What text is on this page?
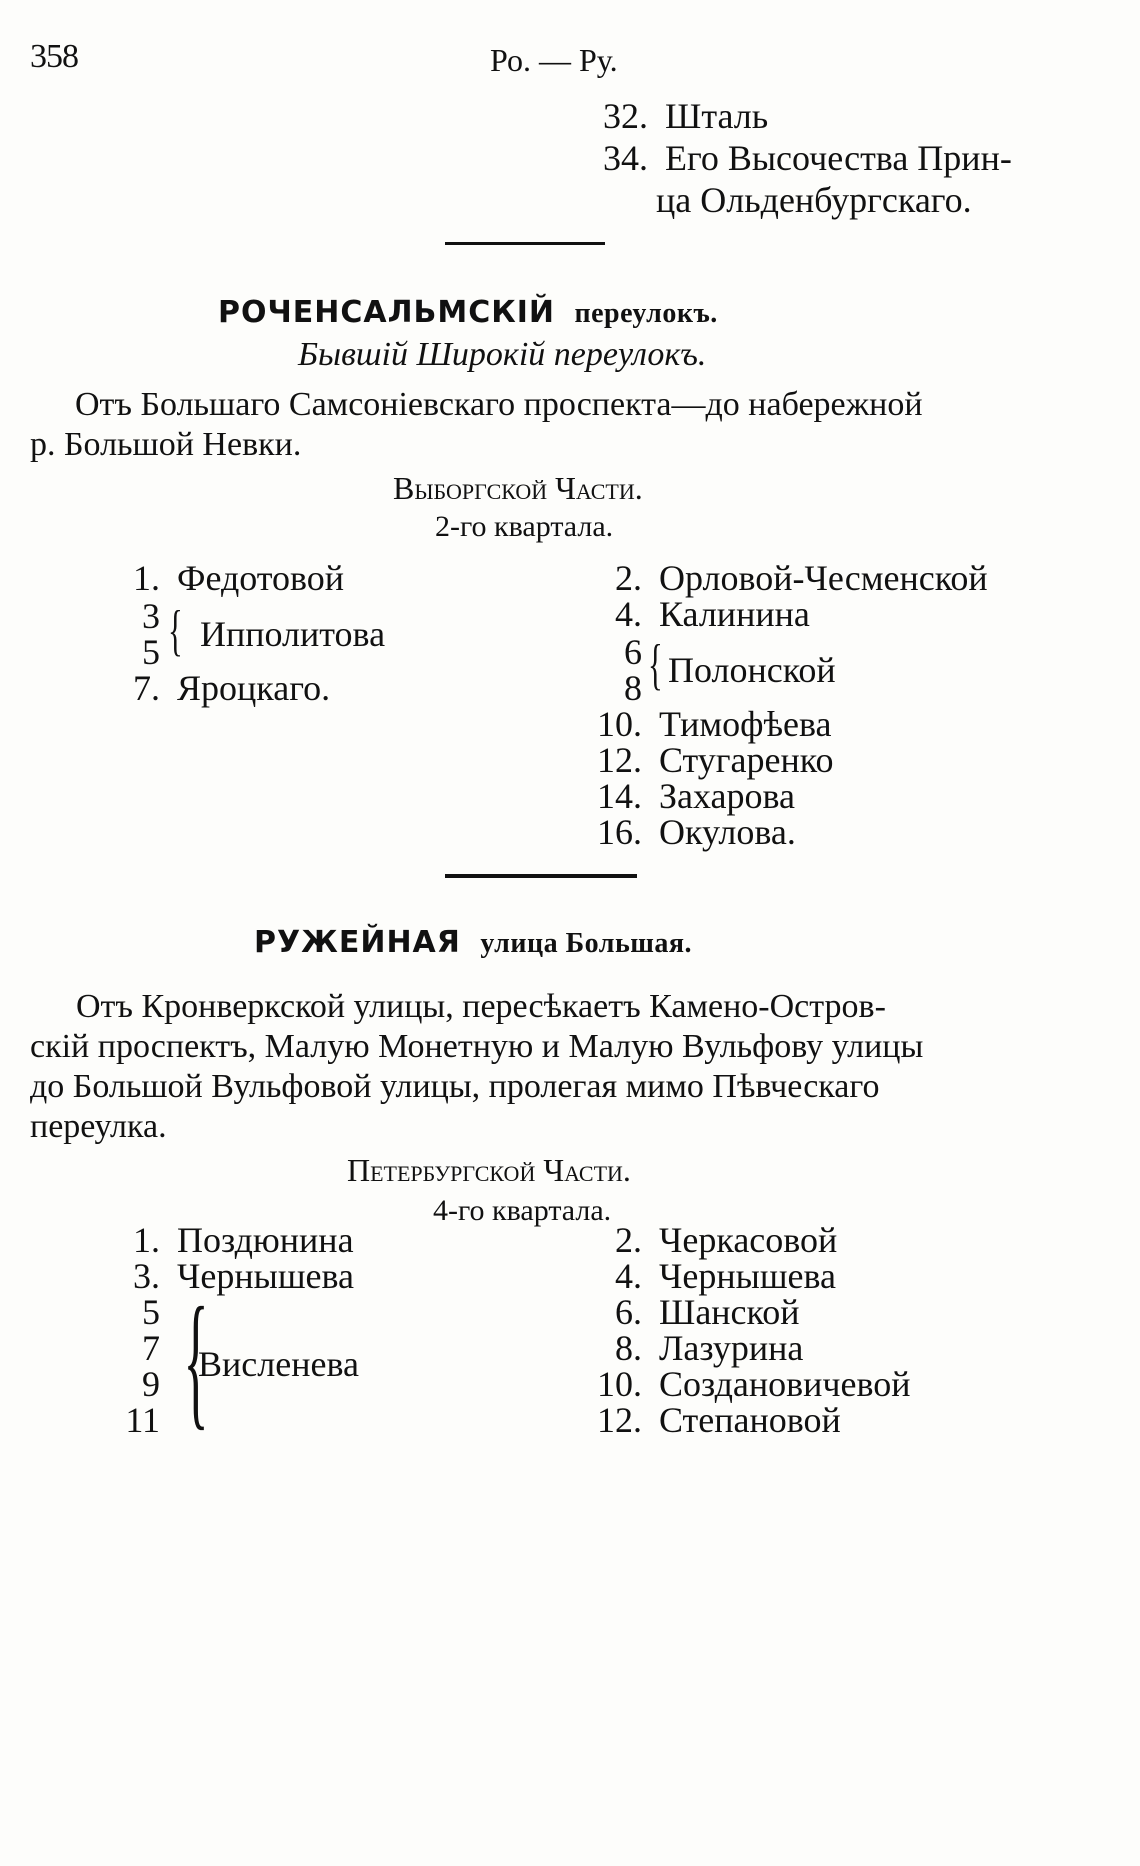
358	Ро. — Ру.
32. Шталь
34. Его Высочества Прин-
ца Ольденбургскаго.
РОЧЕНСАЛЬМСКІЙ переулокъ.
Бывшій Широкій переулокъ.
Отъ Большаго Самсоніевскаго проспекта—до набережной
р. Большой Невки.
Выборгской Части.
2-го квартала.
1. Федотовой
3
5 { Ипполитова
7. Яроцкаго.
2. Орловой-Чесменской
4. Калинина
6
8 { Полонской
10. Тимофѣева
12. Стугаренко
14. Захарова
16. Окулова.
РУЖЕЙНАЯ улица Большая.
Отъ Кронверкской улицы, пересѣкаетъ Камено-Остров-
скій проспектъ, Малую Монетную и Малую Вульфову улицы
до Большой Вульфовой улицы, пролегая мимо Пѣвческаго
переулка.
Петербургской Части.
4-го квартала.
1. Поздюнина
3. Чернышева
5
7
9
11 {
Висленева
2. Черкасовой
4. Чернышева
6. Шанской
8. Лазурина
10. Создановичевой
12. Степановой
